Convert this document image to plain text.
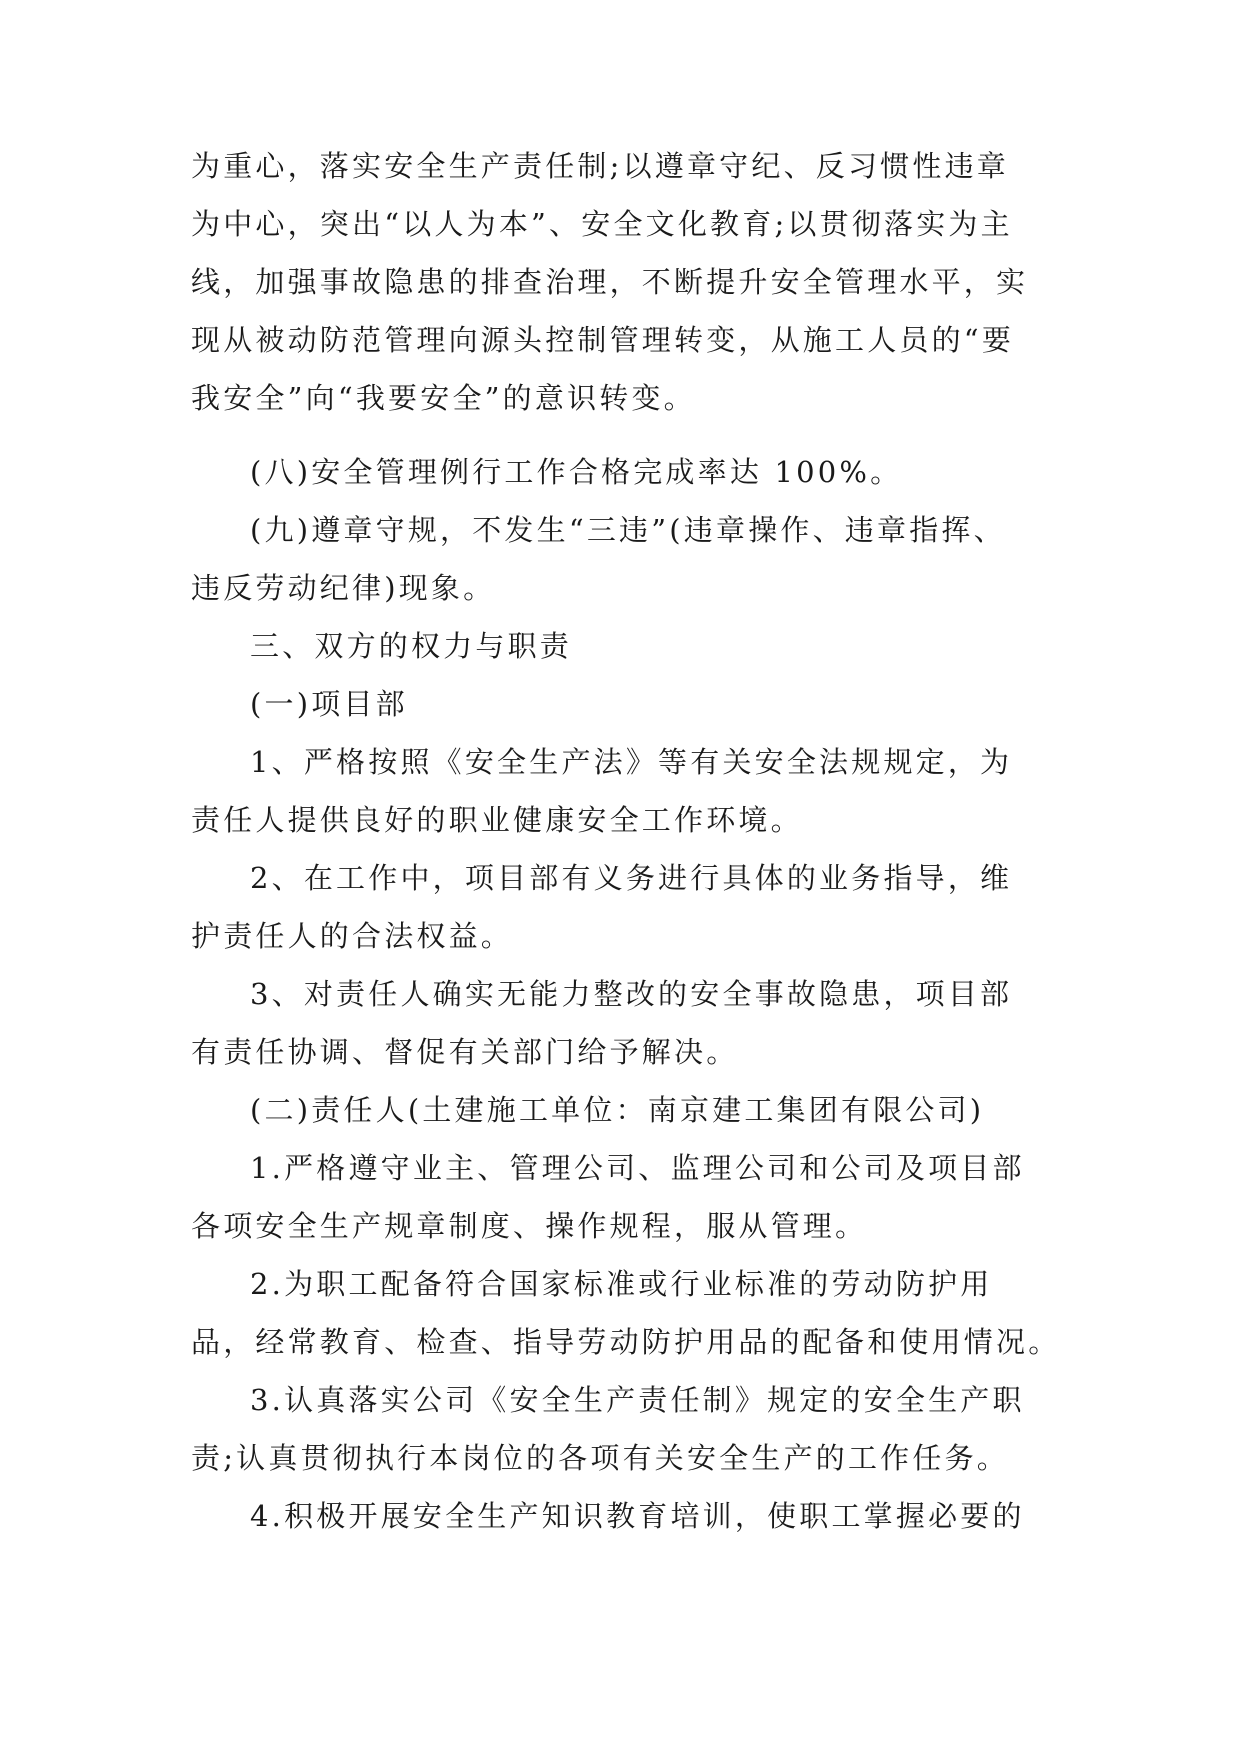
为重心，落实安全生产责任制;以遵章守纪、反习惯性违章
为中心，突出“以人为本”、安全文化教育;以贯彻落实为主
线，加强事故隐患的排查治理，不断提升安全管理水平，实
现从被动防范管理向源头控制管理转变，从施工人员的“要
我安全”向“我要安全”的意识转变。
(八)安全管理例行工作合格完成率达 100%。
(九)遵章守规，不发生“三违”(违章操作、违章指挥、
违反劳动纪律)现象。
三、双方的权力与职责
(一)项目部
1、严格按照《安全生产法》等有关安全法规规定，为
责任人提供良好的职业健康安全工作环境。
2、在工作中，项目部有义务进行具体的业务指导，维
护责任人的合法权益。
3、对责任人确实无能力整改的安全事故隐患，项目部
有责任协调、督促有关部门给予解决。
(二)责任人(土建施工单位：南京建工集团有限公司)
1.严格遵守业主、管理公司、监理公司和公司及项目部
各项安全生产规章制度、操作规程，服从管理。
2.为职工配备符合国家标准或行业标准的劳动防护用
品，经常教育、检查、指导劳动防护用品的配备和使用情况。
3.认真落实公司《安全生产责任制》规定的安全生产职
责;认真贯彻执行本岗位的各项有关安全生产的工作任务。
4.积极开展安全生产知识教育培训，使职工掌握必要的
